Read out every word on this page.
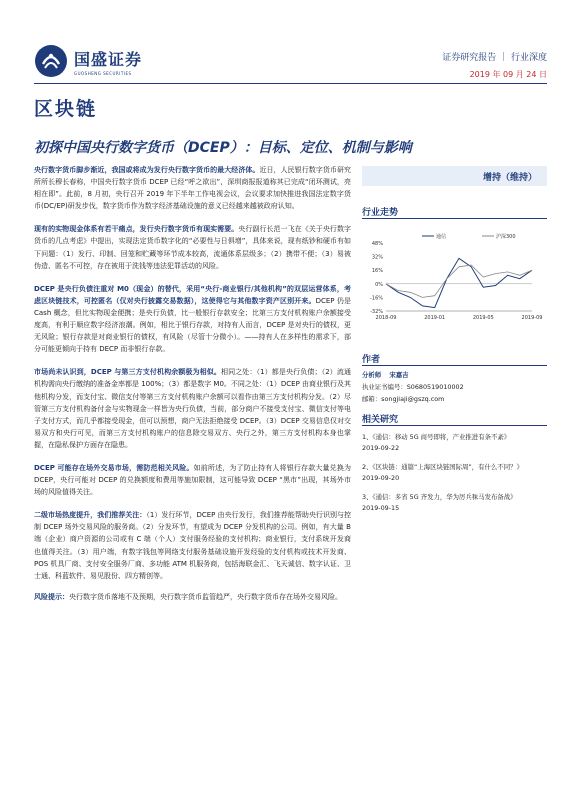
国盛证券
GUOSHENG SECURITIES
证券研究报告 ｜ 行业深度
2019 年 09 月 24 日
区块链
初探中国央行数字货币（DCEP）：目标、定位、机制与影响

央行数字货币脚步渐近，我国或将成为发行央行数字货币的最大经济体。近日，人民银行数字货币研究所所长穆长春称，中国央行数字货币 DCEP 已经“呼之欲出”，深圳商报报道称其已完成“闭环测试，亮相在即”。此前，8 月初，央行召开 2019 年下半年工作电视会议，会议要求加快推进我国法定数字货币(DC/EP)研发步伐，数字货币作为数字经济基础设施的意义已经越来越被政府认知。

现有的实物现金体系有若干痛点，发行央行数字货币有现实需要。央行副行长范一飞在《关于央行数字货币的几点考虑》中提出，实现法定货币数字化的“必要性与日俱增”，具体来说，现有纸钞和硬币有如下问题：（1）发行、印制、回笼和贮藏等环节成本较高，流通体系层级多；（2）携带不便；（3）易被伪造、匿名不可控，存在被用于洗钱等违法犯罪活动的风险。

DCEP 是央行负债注重对 M0（现金）的替代，采用“央行-商业银行/其他机构”的双层运营体系，考虑区块链技术，可控匿名（仅对央行披露交易数据），这使得它与其他数字资产区别开来。DCEP 仍是 Cash 概念，但比实物现金便携；是央行负债，比一般银行存款安全；比第三方支付机构账户余额接受度高，有利于顺应数字经济浪潮。例如，相比于银行存款，对持有人而言，DCEP 是对央行的债权，更无风险；银行存款是对商业银行的债权，有风险（尽管十分微小）。——持有人在多样性的需求下，部分可能更倾向于持有 DECP 而非银行存款。

市场尚未认识到，DCEP 与第三方支付机构余额极为相似。相同之处：（1）都是央行负债；（2）流通机构需向央行缴纳的准备金率都是 100%；（3）都是数字 M0。不同之处：（1）DCEP 由商业银行及其他机构分发，而支付宝、微信支付等第三方支付机构账户余额可以看作由第三方支付机构分发。（2）尽管第三方支付机构备付金与实物现金一样皆为央行负债，当前，部分商户不接受支付宝、微信支付等电子支付方式，而几乎都接受现金，但可以预想，商户无法拒绝接受 DCEP。（3）DCEP 交易信息仅对交易双方和央行可见，而第三方支付机构账户的信息除交易双方、央行之外，第三方支付机构本身也掌握，在隐私保护方面存在隐患。

DCEP 可能存在场外交易市场，需防范相关风险。如前所述，为了防止持有人将银行存款大量兑换为 DCEP，央行可能对 DCEP 的兑换额度和费用等施加限制，这可能导致 DCEP “黑市”出现，其场外市场的风险值得关注。

二级市场热度提升，我们推荐关注：（1）发行环节，DCEP 由央行发行，我们推荐能帮助央行识别与控制 DCEP 场外交易风险的服务商。（2）分发环节，有望成为 DCEP 分发机构的公司。例如，有大量 B 端（企业）商户资源的公司或有 C 端（个人）支付服务经验的支付机构；商业银行，支付系统开发商也值得关注。（3）用户端，有数字钱包等网络支付服务基础设施开发经验的支付机构或技术开发商、POS 机具厂商、支付安全服务厂商、多功能 ATM 机服务商，包括海联金汇、飞天诚信、数字认证、卫士通、科蓝软件、易见股份、四方精创等。

风险提示：央行数字货币落地不及预期，央行数字货币监管趋严，央行数字货币存在场外交易风险。

增持（维持）
行业走势
48%
32%
16%
0%
-16%
-32%
2018-09	2019-01	2019-05	2019-09
通信	沪深300
作者
分析师 宋嘉吉
执业证书编号：S0680519010002
邮箱：songjiaji@gszq.com
相关研究
1、《通信：移动 5G 商号即将，产业推进有条不紊》
2019-09-22
2、《区块链：通篇“上海区块链国际周”，有什么不同？》
2019-09-20
3、《通信：多省 5G 齐发力，华为厉兵秣马发布备战》
2019-09-15
